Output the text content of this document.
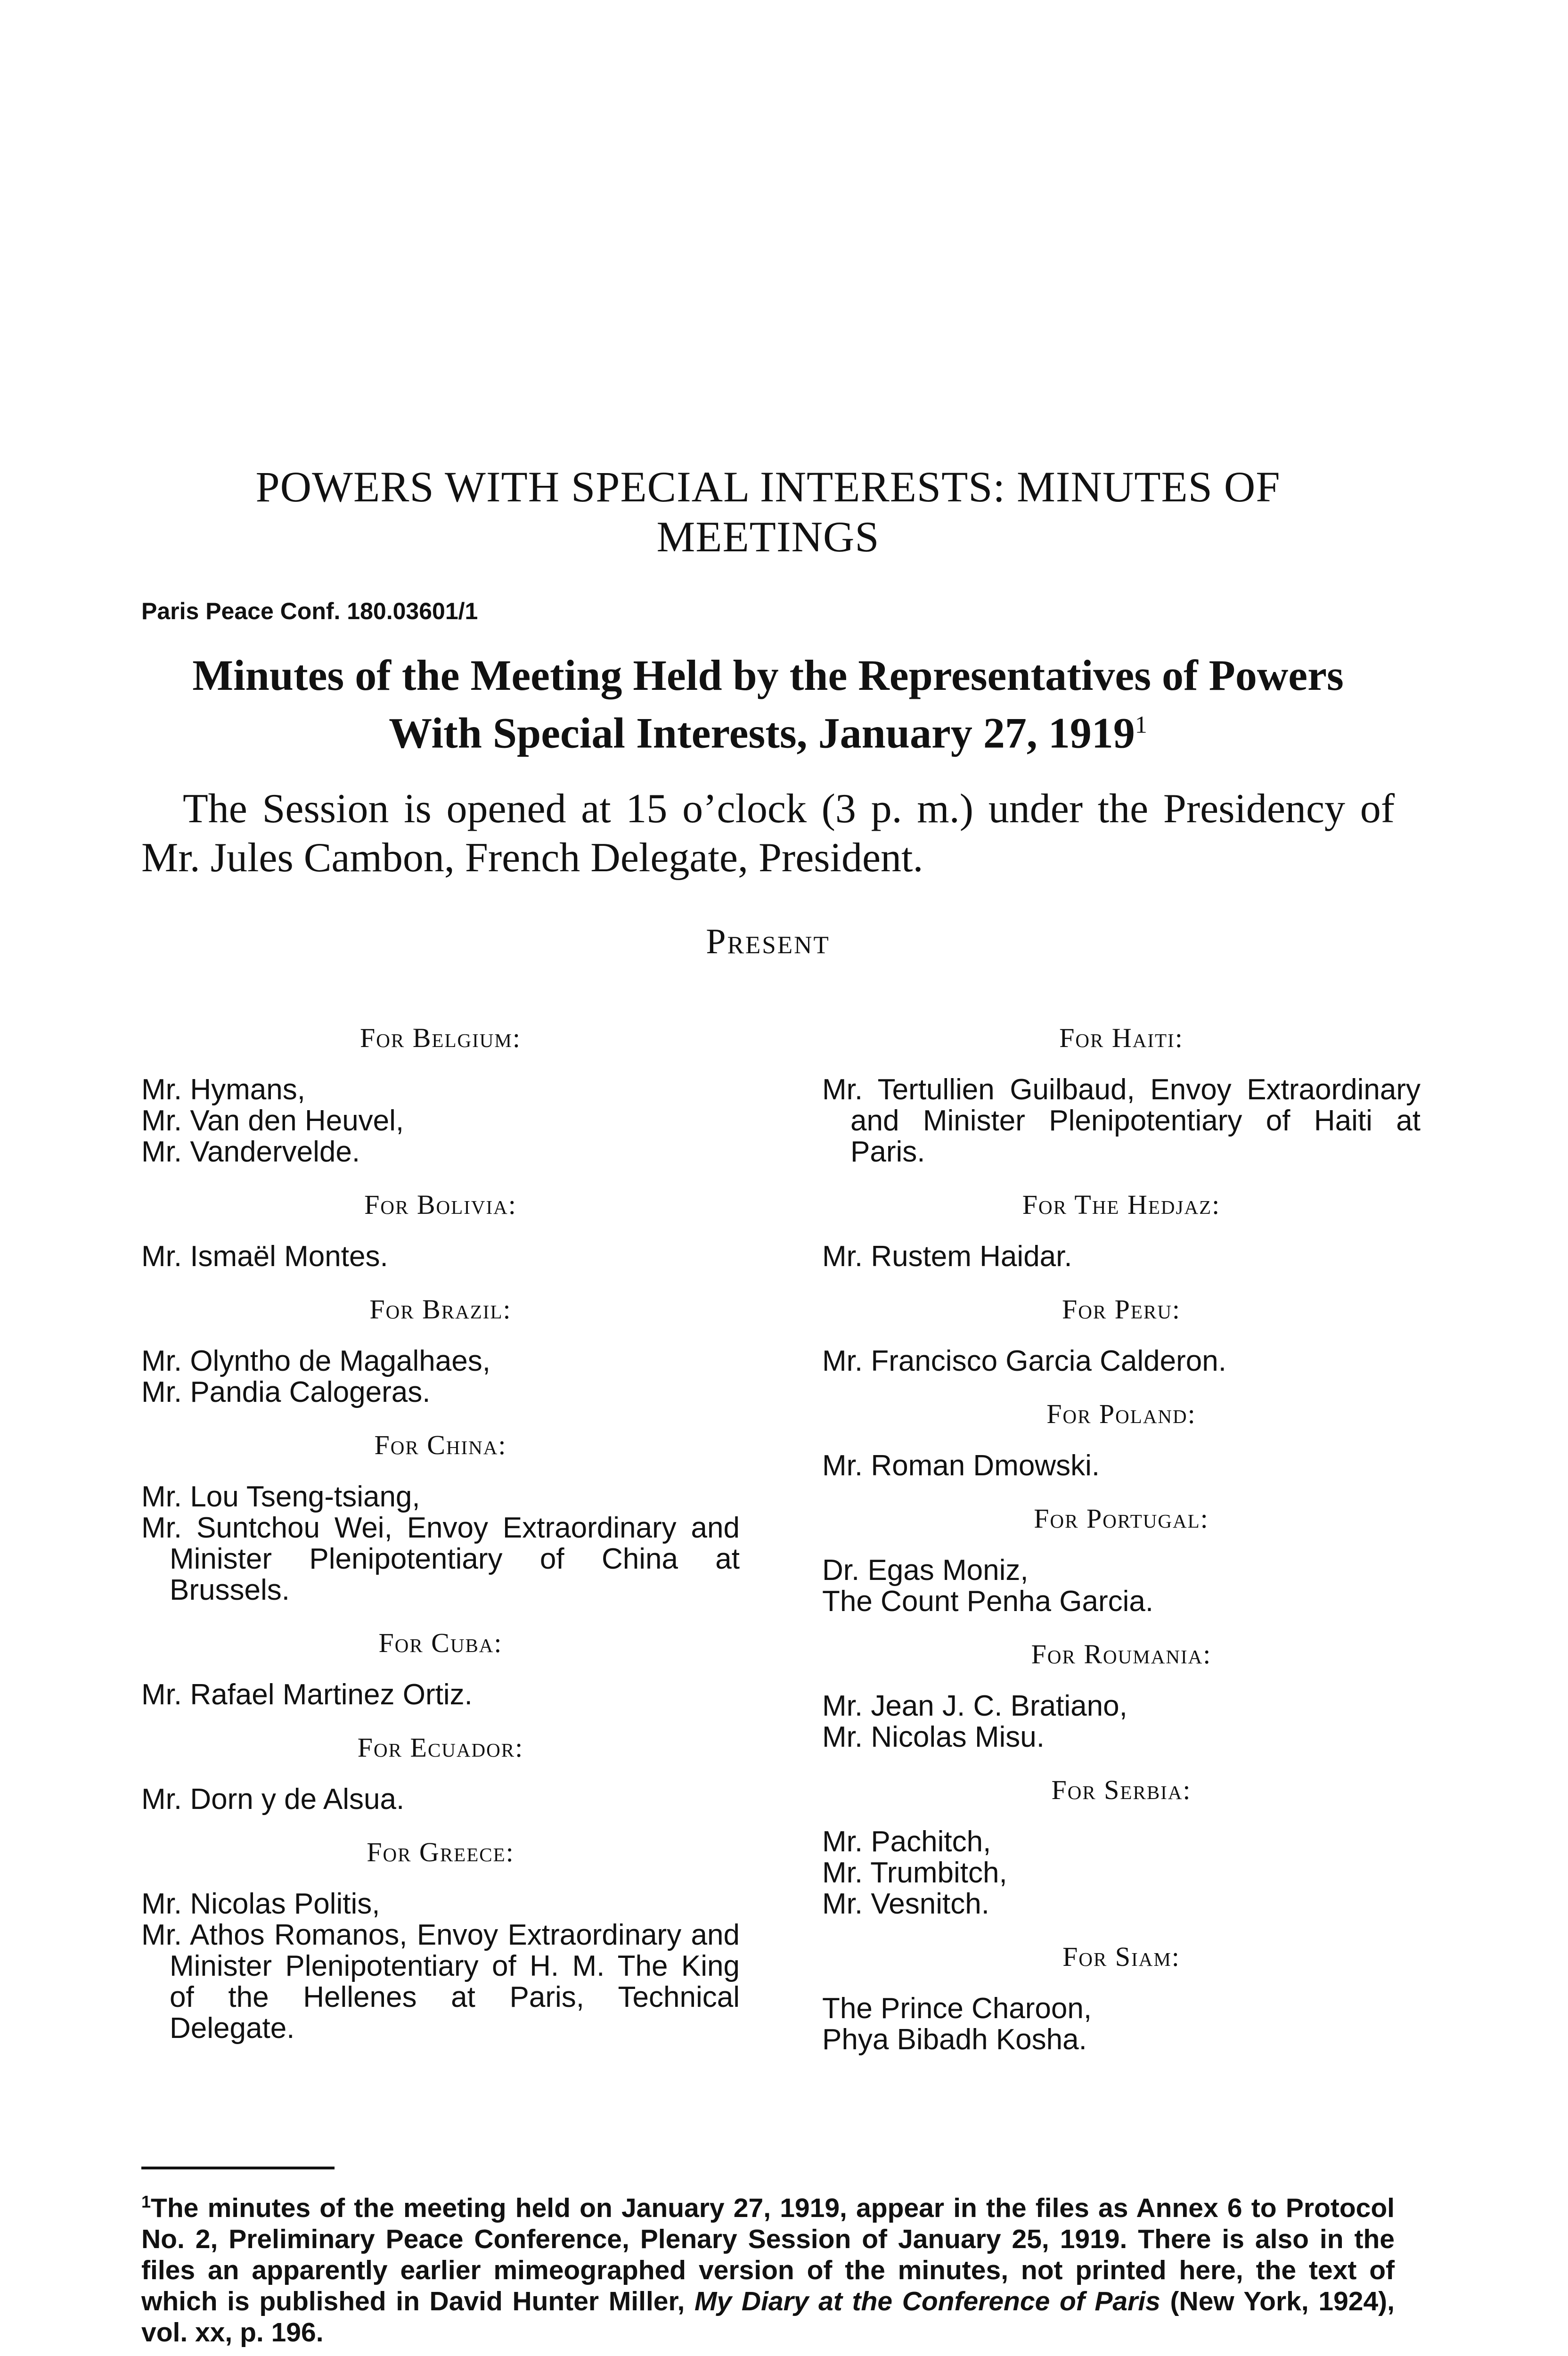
POWERS WITH SPECIAL INTERESTS: MINUTES OF MEETINGS
Paris Peace Conf. 180.03601/1
Minutes of the Meeting Held by the Representatives of Powers With Special Interests, January 27, 1919$^1$

The Session is opened at 15 o’clock (3 p. m.) under the Presidency of Mr. Jules Cambon, French Delegate, President.

Present
For Belgium:
Mr. Hymans,
Mr. Van den Heuvel,
Mr. Vandervelde.
For Bolivia:
Mr. Ismaël Montes.
For Brazil:
Mr. Olyntho de Magalhaes,
Mr. Pandia Calogeras.
For China:
Mr. Lou Tseng-tsiang,
Mr. Suntchou Wei, Envoy Extraordinary and Minister Plenipotentiary of China at Brussels.
For Cuba:
Mr. Rafael Martinez Ortiz.
For Ecuador:
Mr. Dorn y de Alsua.
For Greece:
Mr. Nicolas Politis,
Mr. Athos Romanos, Envoy Extraordinary and Minister Plenipotentiary of H. M. The King of the Hellenes at Paris, Technical Delegate.
For Haiti:
Mr. Tertullien Guilbaud, Envoy Extraordinary and Minister Plenipotentiary of Haiti at Paris.
For The Hedjaz:
Mr. Rustem Haidar.
For Peru:
Mr. Francisco Garcia Calderon.
For Poland:
Mr. Roman Dmowski.
For Portugal:
Dr. Egas Moniz,
The Count Penha Garcia.
For Roumania:
Mr. Jean J. C. Bratiano,
Mr. Nicolas Misu.
For Serbia:
Mr. Pachitch,
Mr. Trumbitch,
Mr. Vesnitch.
For Siam:
The Prince Charoon,
Phya Bibadh Kosha.

$^1$The minutes of the meeting held on January 27, 1919, appear in the files as Annex 6 to Protocol No. 2, Preliminary Peace Conference, Plenary Session of January 25, 1919. There is also in the files an apparently earlier mimeographed version of the minutes, not printed here, the text of which is published in David Hunter Miller, My Diary at the Conference of Paris (New York, 1924), vol. xx, p. 196.
